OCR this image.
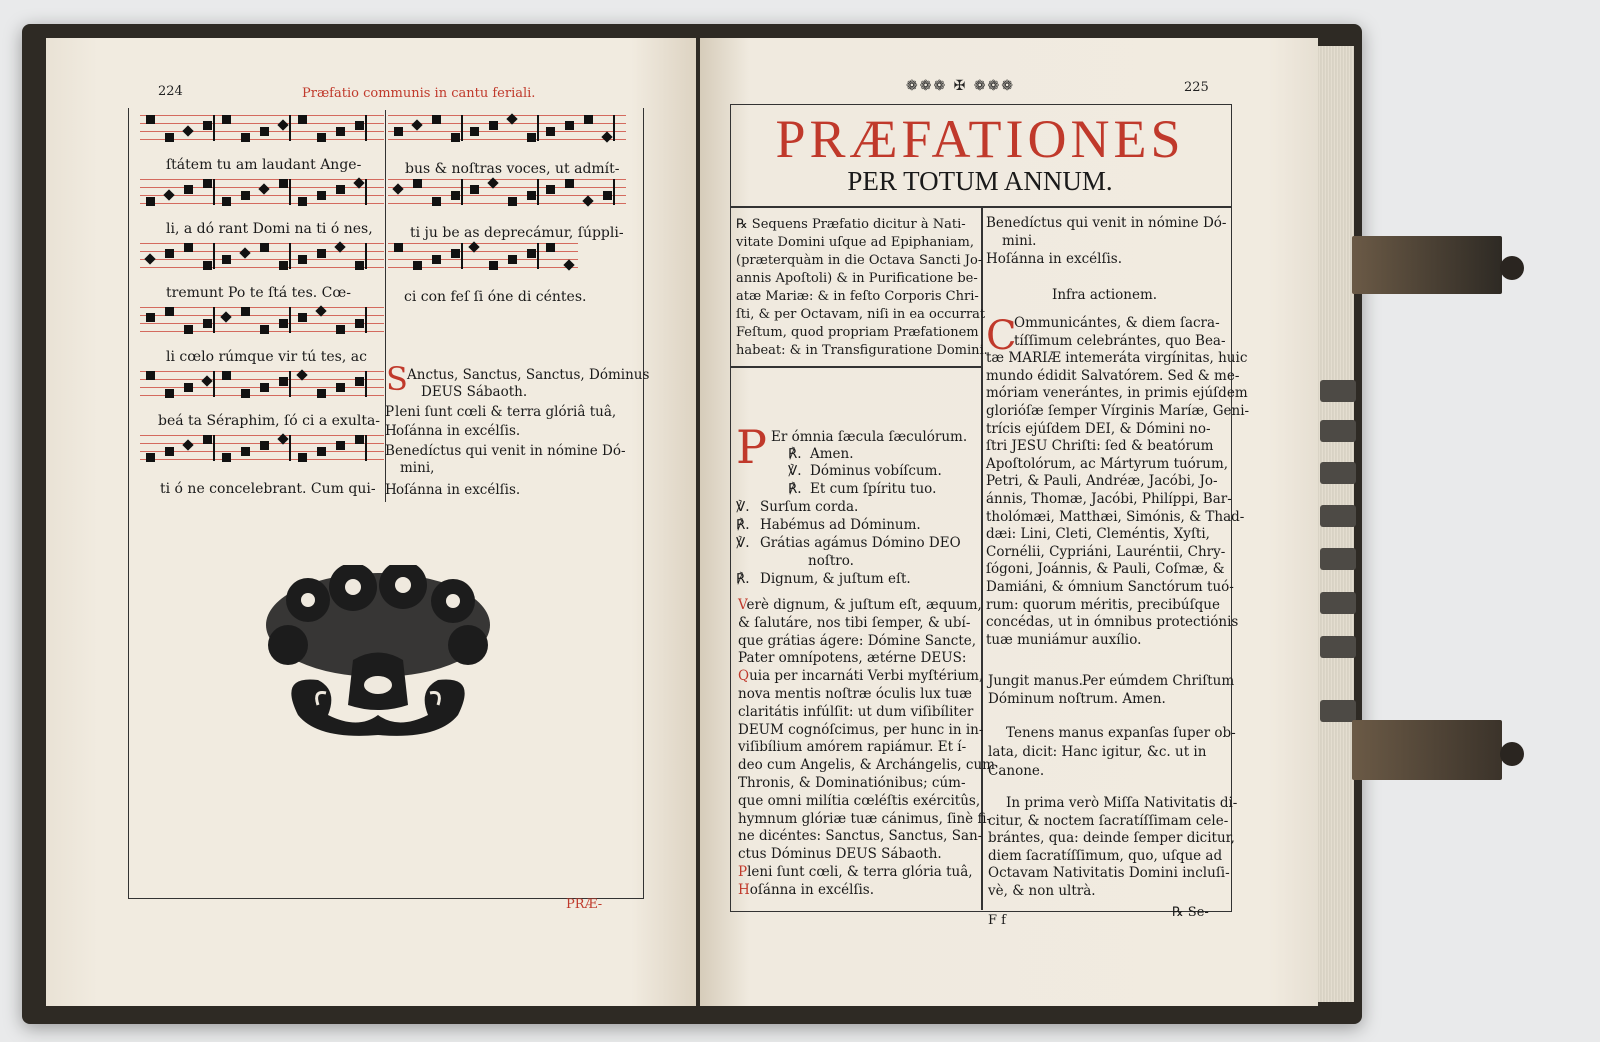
224	Præfatio communis in cantu feriali.
ſtátem tu am laudant Ange-
li, a dó rant Domi na ti ó nes,
tremunt Po te ſtá tes. Cœ-
li cœlo rúmque vir tú tes, ac
beá ta Séraphim, ſó ci a exulta-
ti ó ne concelebrant. Cum qui-
bus & noſtras voces, ut admít-
ti ju be as deprecámur, ſúppli-
ci con feſ ſi óne di céntes.
S Anctus, Sanctus, Sanctus, Dóminus
DEUS Sábaoth.
P leni ſunt cœli & terra glóriâ tuâ,
H oſánna in excélſis.
B enedíctus qui venit in nómine Dó-
mini,
H oſánna in excélſis.
PRÆ-
❁❁❁ ✠ ❁❁❁	225
PRÆFATIONES
PER TOTUM ANNUM.
℞ Sequens Præfatio dicitur à Nati-
vitate Domini uſque ad Epiphaniam,
(præterquàm in die Octava Sancti Jo-
annis Apoſtoli) & in Purificatione be-
atæ Mariæ: & in feſto Corporis Chri-
ſti, & per Octavam, niſi in ea occurrat
Feſtum, quod propriam Præfationem
habeat: & in Transfiguratione Domini.
P Er ómnia ſæcula ſæculórum.
℟. Amen.
℣. Dóminus vobíſcum.
℟. Et cum ſpíritu tuo.
℣. Surſum corda.
℟. Habémus ad Dóminum.
℣. Grátias agámus Dómino DEO
noſtro.
℟. Dignum, & juſtum eſt.
Verè dignum, & juſtum eſt, æquum,
& ſalutáre, nos tibi ſemper, & ubí-
que grátias ágere: Dómine Sancte,
Pater omnípotens, ætérne DEUS:
Quia per incarnáti Verbi myſtérium,
nova mentis noſtræ óculis lux tuæ
claritátis infúlſit: ut dum viſibíliter
DEUM cognóſcimus, per hunc in in-
viſibílium amórem rapiámur. Et í-
deo cum Angelis, & Archángelis, cum
Thronis, & Dominatiónibus; cúm-
que omni milítia cœléſtis exércitûs,
hymnum glóriæ tuæ cánimus, ſinè fi-
ne dicéntes: Sanctus, Sanctus, San-
ctus Dóminus DEUS Sábaoth.
Pleni ſunt cœli, & terra glória tuâ,
Hoſánna in excélſis.
Benedíctus qui venit in nómine Dó-
mini.
Hoſánna in excélſis.
Infra actionem.
C
Ommunicántes, & diem ſacra-
tíſſimum celebrántes, quo Bea-
tæ MARIÆ intemeráta virgínitas, huic
mundo édidit Salvatórem. Sed & me-
móriam venerántes, in primis ejúſdem
glorióſæ ſemper Vírginis Maríæ, Geni-
trícis ejúſdem DEI, & Dómini no-
ſtri JESU Chriſti: ſed & beatórum
Apoſtolórum, ac Mártyrum tuórum,
Petri, & Pauli, Andréæ, Jacóbi, Jo-
ánnis, Thomæ, Jacóbi, Philíppi, Bar-
tholómæi, Matthæi, Simónis, & Thad-
dæi: Lini, Cleti, Cleméntis, Xyſti,
Cornélii, Cypriáni, Lauréntii, Chry-
ſógoni, Joánnis, & Pauli, Coſmæ, &
Damiáni, & ómnium Sanctórum tuó-
rum: quorum méritis, precibúſque
concédas, ut in ómnibus protectiónis
tuæ muniámur auxílio.
Jungit manus. Per eúmdem Chriſtum
Dóminum noſtrum. Amen.
Tenens manus expanſas ſuper ob-
lata, dicit: Hanc igitur, &c. ut in
Canone.
In prima verò Miſſa Nativitatis di-
citur, & noctem ſacratíſſimam cele-
brántes, qua: deinde ſemper dicitur,
diem ſacratíſſimum, quo, uſque ad
Octavam Nativitatis Domini incluſi-
vè, & non ultrà.
F f
℞ Se-
